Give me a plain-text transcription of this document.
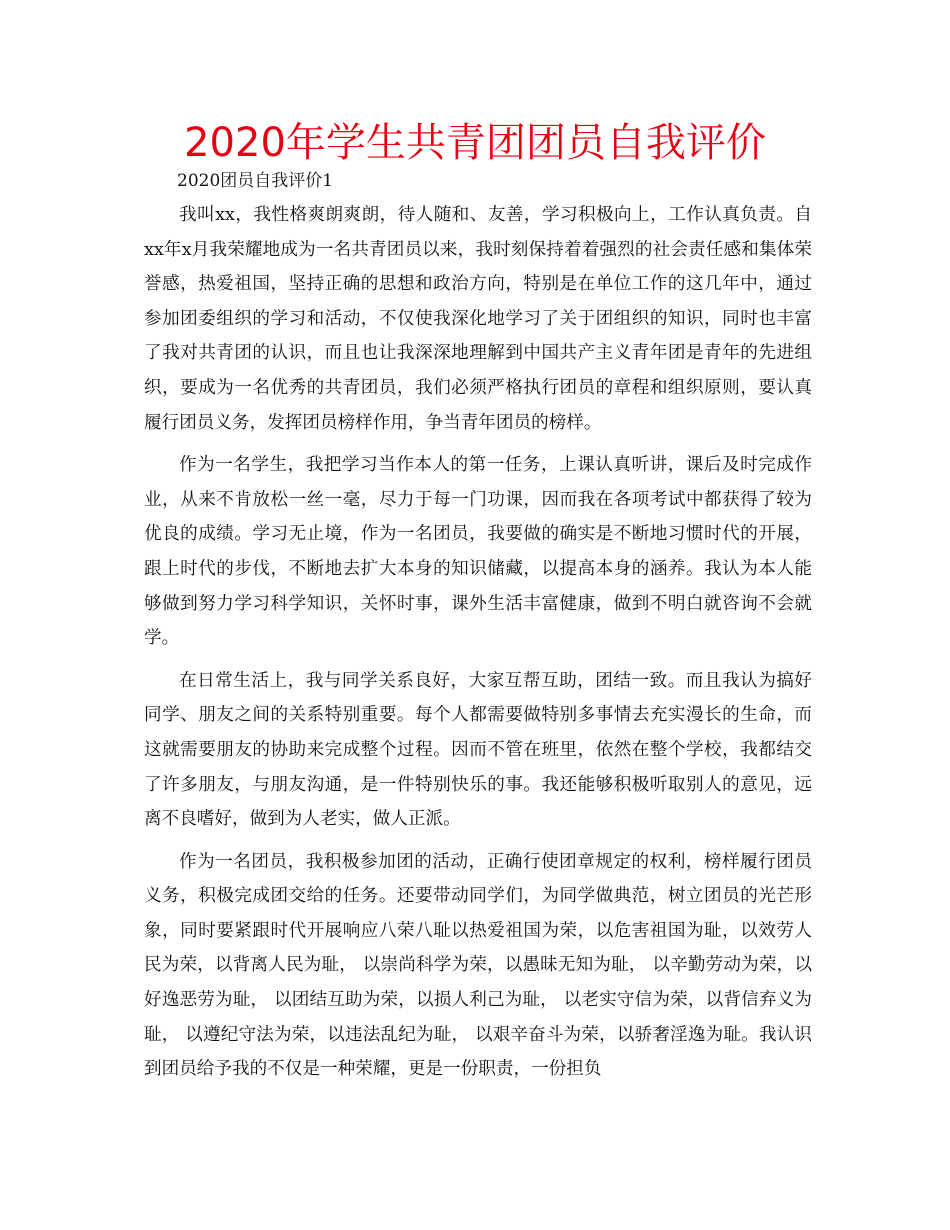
2020年学生共青团团员自我评价

2020团员自我评价1

我叫xx，我性格爽朗爽朗，待人随和、友善，学习积极向上，工作认真负责。自xx年x月我荣耀地成为一名共青团员以来，我时刻保持着着强烈的社会责任感和集体荣誉感，热爱祖国，坚持正确的思想和政治方向，特别是在单位工作的这几年中，通过参加团委组织的学习和活动，不仅使我深化地学习了关于团组织的知识，同时也丰富了我对共青团的认识，而且也让我深深地理解到中国共产主义青年团是青年的先进组织，要成为一名优秀的共青团员，我们必须严格执行团员的章程和组织原则，要认真履行团员义务，发挥团员榜样作用，争当青年团员的榜样。

作为一名学生，我把学习当作本人的第一任务，上课认真听讲，课后及时完成作业，从来不肯放松一丝一毫，尽力于每一门功课，因而我在各项考试中都获得了较为优良的成绩。学习无止境，作为一名团员，我要做的确实是不断地习惯时代的开展，跟上时代的步伐，不断地去扩大本身的知识储藏，以提高本身的涵养。我认为本人能够做到努力学习科学知识，关怀时事，课外生活丰富健康，做到不明白就咨询不会就学。

在日常生活上，我与同学关系良好，大家互帮互助，团结一致。而且我认为搞好同学、朋友之间的关系特别重要。每个人都需要做特别多事情去充实漫长的生命，而这就需要朋友的协助来完成整个过程。因而不管在班里，依然在整个学校，我都结交了许多朋友，与朋友沟通，是一件特别快乐的事。我还能够积极听取别人的意见，远离不良嗜好，做到为人老实，做人正派。

作为一名团员，我积极参加团的活动，正确行使团章规定的权利，榜样履行团员义务，积极完成团交给的任务。还要带动同学们，为同学做典范，树立团员的光芒形象，同时要紧跟时代开展响应八荣八耻以热爱祖国为荣，以危害祖国为耻，以效劳人民为荣，以背离人民为耻， 以崇尚科学为荣，以愚昧无知为耻， 以辛勤劳动为荣，以好逸恶劳为耻， 以团结互助为荣，以损人利己为耻， 以老实守信为荣，以背信弃义为耻， 以遵纪守法为荣，以违法乱纪为耻， 以艰辛奋斗为荣，以骄奢淫逸为耻。我认识到团员给予我的不仅是一种荣耀，更是一份职责，一份担负
